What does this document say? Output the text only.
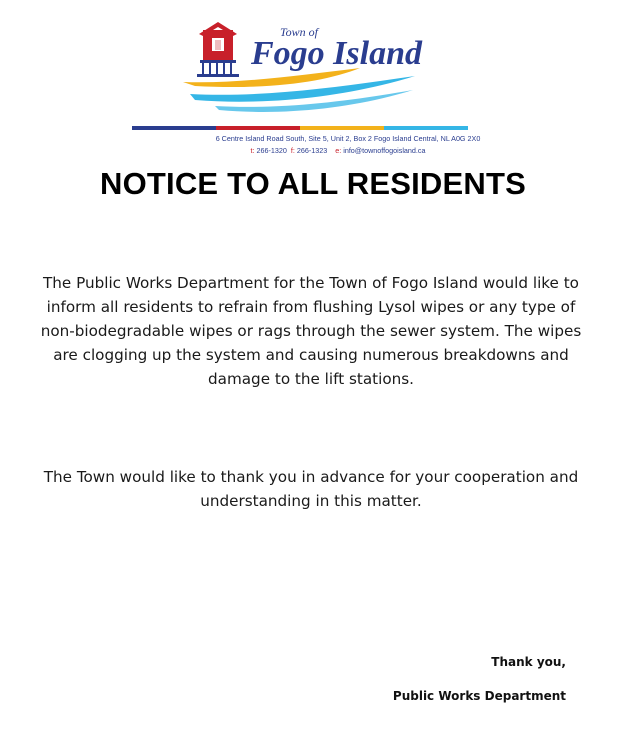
Town of
Fogo Island
6 Centre Island Road South, Site 5, Unit 2, Box 2 Fogo Island Central, NL A0G 2X0
t: 266-1320 f: 266-1323 e: info@townoffogoisland.ca
NOTICE TO ALL RESIDENTS
The Public Works Department for the Town of Fogo Island would like to inform all residents to refrain from flushing Lysol wipes or any type of non-biodegradable wipes or rags through the sewer system. The wipes are clogging up the system and causing numerous breakdowns and damage to the lift stations.
The Town would like to thank you in advance for your cooperation and understanding in this matter.
Thank you,
Public Works Department
